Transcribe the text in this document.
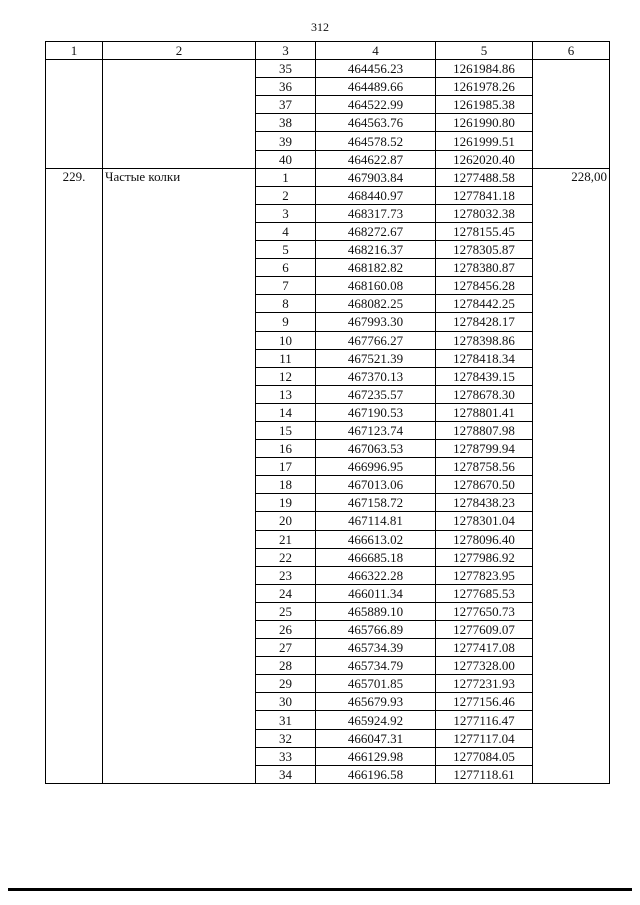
312
1	2	3	4	5	6
		35	464456.23	1261984.86	
		36	464489.66	1261978.26	
		37	464522.99	1261985.38	
		38	464563.76	1261990.80	
		39	464578.52	1261999.51	
		40	464622.87	1262020.40	
229.	Частые колки	1	467903.84	1277488.58	228,00
		2	468440.97	1277841.18	
		3	468317.73	1278032.38	
		4	468272.67	1278155.45	
		5	468216.37	1278305.87	
		6	468182.82	1278380.87	
		7	468160.08	1278456.28	
		8	468082.25	1278442.25	
		9	467993.30	1278428.17	
		10	467766.27	1278398.86	
		11	467521.39	1278418.34	
		12	467370.13	1278439.15	
		13	467235.57	1278678.30	
		14	467190.53	1278801.41	
		15	467123.74	1278807.98	
		16	467063.53	1278799.94	
		17	466996.95	1278758.56	
		18	467013.06	1278670.50	
		19	467158.72	1278438.23	
		20	467114.81	1278301.04	
		21	466613.02	1278096.40	
		22	466685.18	1277986.92	
		23	466322.28	1277823.95	
		24	466011.34	1277685.53	
		25	465889.10	1277650.73	
		26	465766.89	1277609.07	
		27	465734.39	1277417.08	
		28	465734.79	1277328.00	
		29	465701.85	1277231.93	
		30	465679.93	1277156.46	
		31	465924.92	1277116.47	
		32	466047.31	1277117.04	
		33	466129.98	1277084.05	
		34	466196.58	1277118.61	
